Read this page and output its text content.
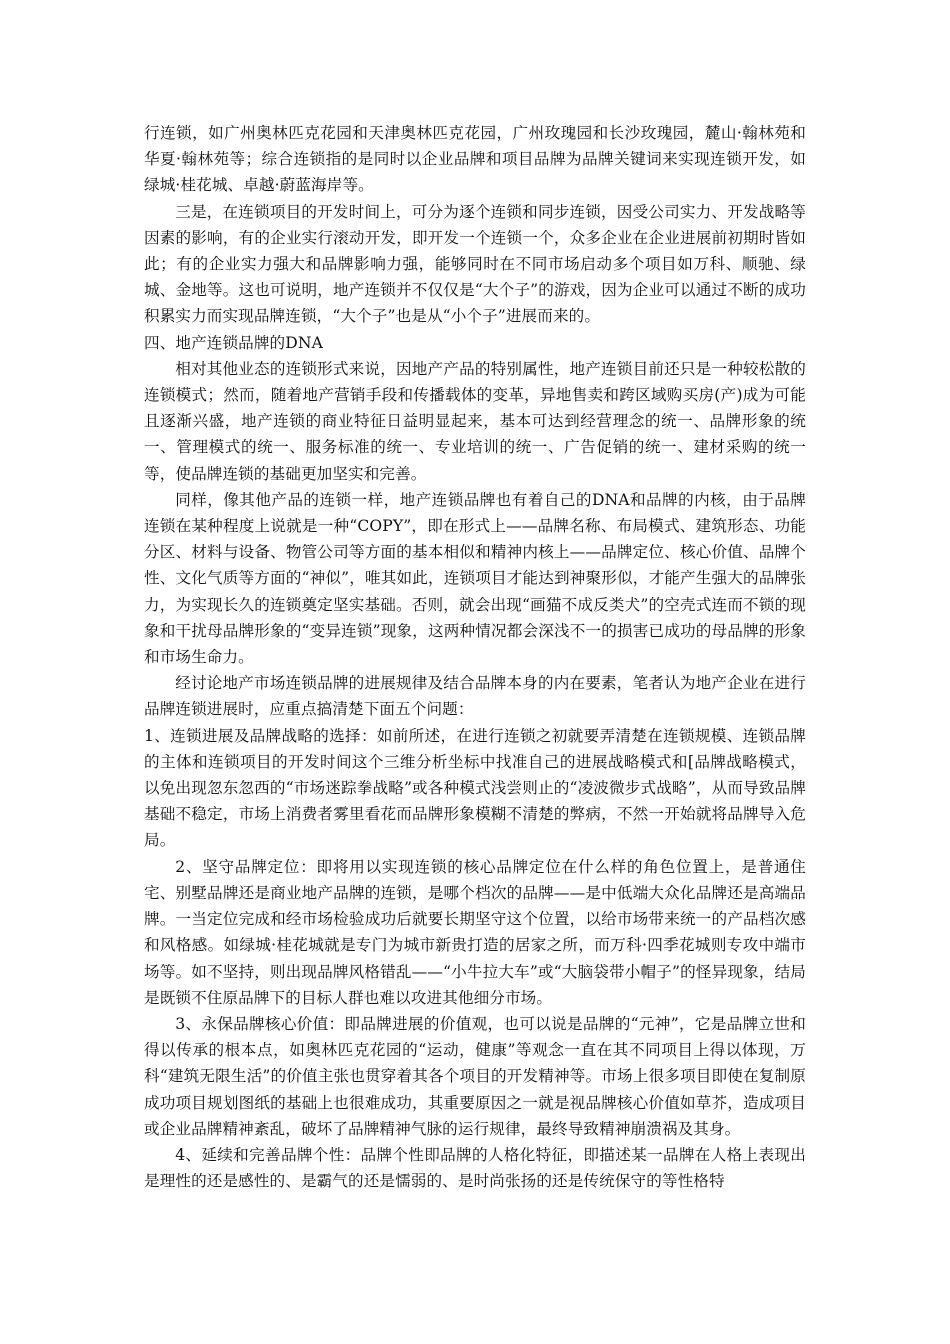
行连锁，如广州奥林匹克花园和天津奥林匹克花园，广州玫瑰园和长沙玫瑰园，麓山·翰林苑和华夏·翰林苑等；综合连锁指的是同时以企业品牌和项目品牌为品牌关键词来实现连锁开发，如绿城·桂花城、卓越·蔚蓝海岸等。

三是，在连锁项目的开发时间上，可分为逐个连锁和同步连锁，因受公司实力、开发战略等因素的影响，有的企业实行滚动开发，即开发一个连锁一个，众多企业在企业进展前初期时皆如此；有的企业实力强大和品牌影响力强，能够同时在不同市场启动多个项目如万科、顺驰、绿城、金地等。这也可说明，地产连锁并不仅仅是“大个子”的游戏，因为企业可以通过不断的成功积累实力而实现品牌连锁，“大个子”也是从“小个子”进展而来的。

四、地产连锁品牌的DNA

相对其他业态的连锁形式来说，因地产产品的特别属性，地产连锁目前还只是一种较松散的连锁模式；然而，随着地产营销手段和传播载体的变革，异地售卖和跨区域购买房(产)成为可能且逐渐兴盛，地产连锁的商业特征日益明显起来，基本可达到经营理念的统一、品牌形象的统一、管理模式的统一、服务标准的统一、专业培训的统一、广告促销的统一、建材采购的统一等，使品牌连锁的基础更加坚实和完善。

同样，像其他产品的连锁一样，地产连锁品牌也有着自己的DNA和品牌的内核，由于品牌连锁在某种程度上说就是一种“COPY”，即在形式上——品牌名称、布局模式、建筑形态、功能分区、材料与设备、物管公司等方面的基本相似和精神内核上——品牌定位、核心价值、品牌个性、文化气质等方面的“神似”，唯其如此，连锁项目才能达到神聚形似，才能产生强大的品牌张力，为实现长久的连锁奠定坚实基础。否则，就会出现“画猫不成反类犬”的空壳式连而不锁的现象和干扰母品牌形象的“变异连锁”现象，这两种情况都会深浅不一的损害已成功的母品牌的形象和市场生命力。

经讨论地产市场连锁品牌的进展规律及结合品牌本身的内在要素，笔者认为地产企业在进行品牌连锁进展时，应重点搞清楚下面五个问题：

1、连锁进展及品牌战略的选择：如前所述，在进行连锁之初就要弄清楚在连锁规模、连锁品牌的主体和连锁项目的开发时间这个三维分析坐标中找准自己的进展战略模式和[品牌战略模式，以免出现忽东忽西的“市场迷踪拳战略”或各种模式浅尝则止的“凌波微步式战略”，从而导致品牌基础不稳定，市场上消费者雾里看花而品牌形象模糊不清楚的弊病，不然一开始就将品牌导入危局。

2、坚守品牌定位：即将用以实现连锁的核心品牌定位在什么样的角色位置上，是普通住宅、别墅品牌还是商业地产品牌的连锁，是哪个档次的品牌——是中低端大众化品牌还是高端品牌。一当定位完成和经市场检验成功后就要长期坚守这个位置，以给市场带来统一的产品档次感和风格感。如绿城·桂花城就是专门为城市新贵打造的居家之所，而万科·四季花城则专攻中端市场等。如不坚持，则出现品牌风格错乱——“小牛拉大车”或“大脑袋带小帽子”的怪异现象，结局是既锁不住原品牌下的目标人群也难以攻进其他细分市场。

3、永保品牌核心价值：即品牌进展的价值观，也可以说是品牌的“元神”，它是品牌立世和得以传承的根本点，如奥林匹克花园的“运动，健康”等观念一直在其不同项目上得以体现，万科“建筑无限生活”的价值主张也贯穿着其各个项目的开发精神等。市场上很多项目即使在复制原成功项目规划图纸的基础上也很难成功，其重要原因之一就是视品牌核心价值如草芥，造成项目或企业品牌精神紊乱，破坏了品牌精神气脉的运行规律，最终导致精神崩溃祸及其身。

4、延续和完善品牌个性：品牌个性即品牌的人格化特征，即描述某一品牌在人格上表现出是理性的还是感性的、是霸气的还是懦弱的、是时尚张扬的还是传统保守的等性格特
